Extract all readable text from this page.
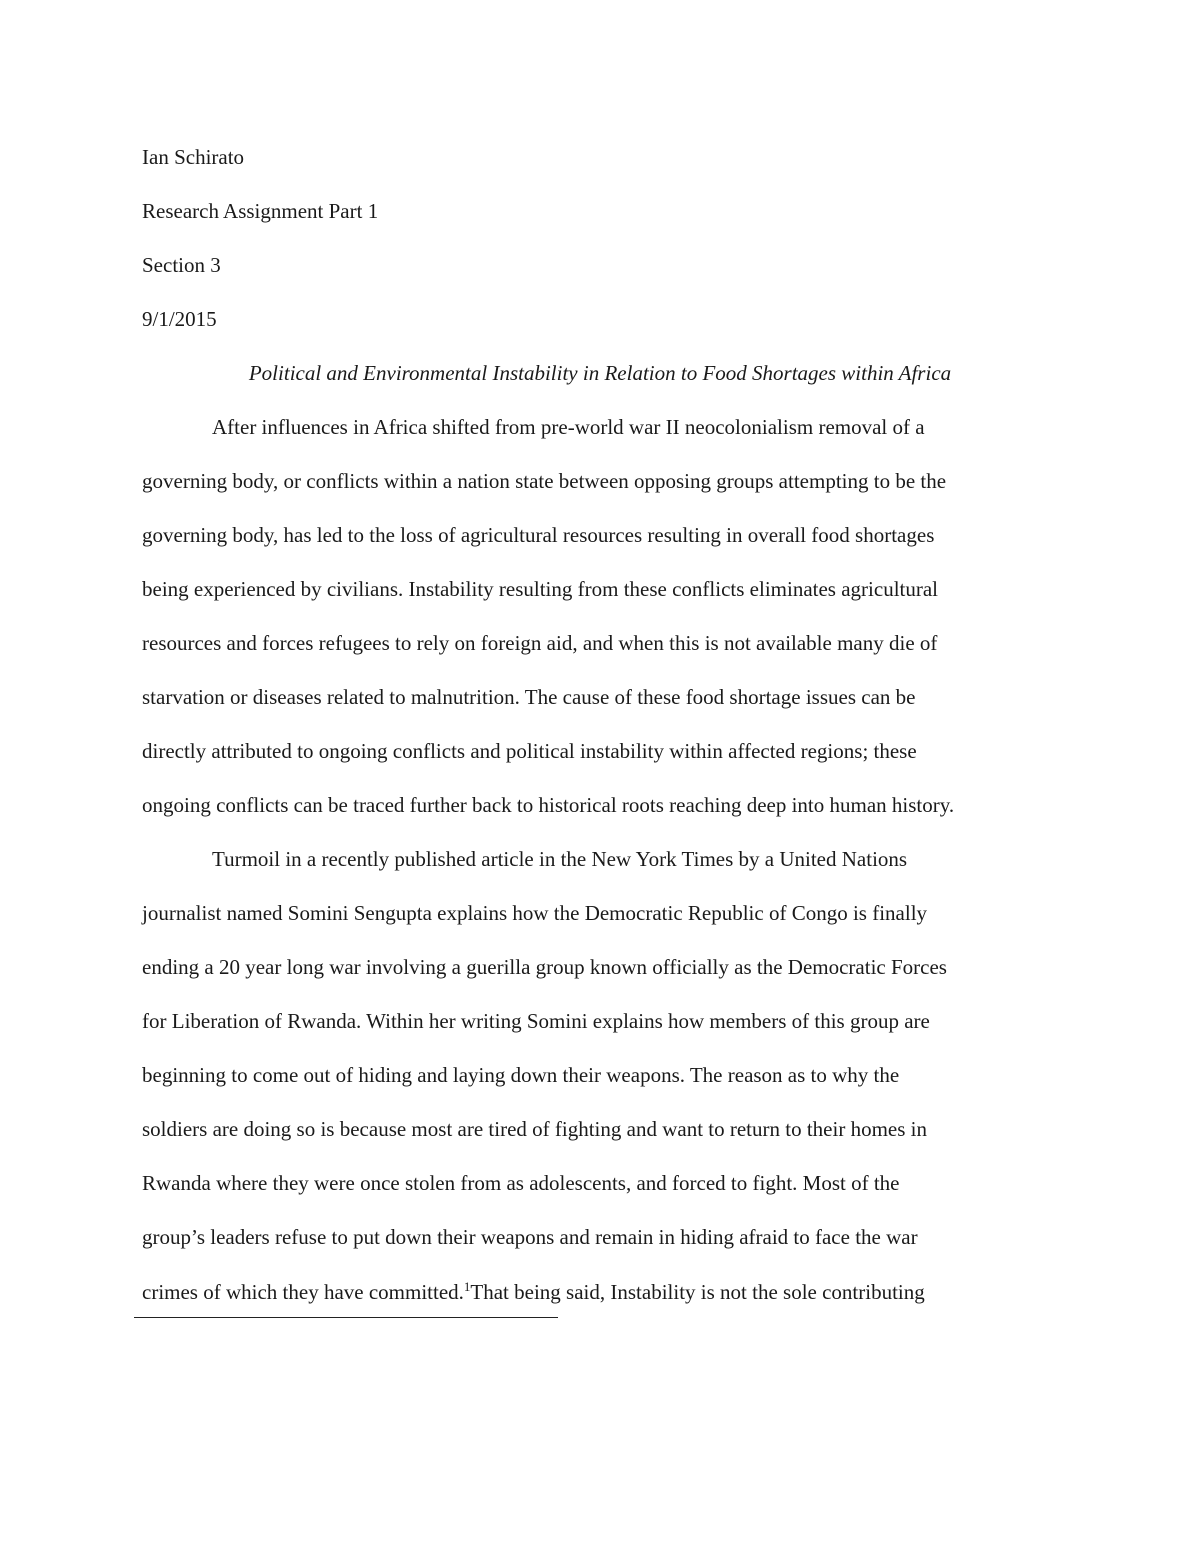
Ian Schirato
Research Assignment Part 1
Section 3
9/1/2015
Political and Environmental Instability in Relation to Food Shortages within Africa
After influences in Africa shifted from pre-world war II neocolonialism removal of a
governing body, or conflicts within a nation state between opposing groups attempting to be the
governing body, has led to the loss of agricultural resources resulting in overall food shortages
being experienced by civilians. Instability resulting from these conflicts eliminates agricultural
resources and forces refugees to rely on foreign aid, and when this is not available many die of
starvation or diseases related to malnutrition. The cause of these food shortage issues can be
directly attributed to ongoing conflicts and political instability within affected regions; these
ongoing conflicts can be traced further back to historical roots reaching deep into human history.
Turmoil in a recently published article in the New York Times by a United Nations
journalist named Somini Sengupta explains how the Democratic Republic of Congo is finally
ending a 20 year long war involving a guerilla group known officially as the Democratic Forces
for Liberation of Rwanda. Within her writing Somini explains how members of this group are
beginning to come out of hiding and laying down their weapons. The reason as to why the
soldiers are doing so is because most are tired of fighting and want to return to their homes in
Rwanda where they were once stolen from as adolescents, and forced to fight. Most of the
group’s leaders refuse to put down their weapons and remain in hiding afraid to face the war
crimes of which they have committed.$^1$That being said, Instability is not the sole contributing
